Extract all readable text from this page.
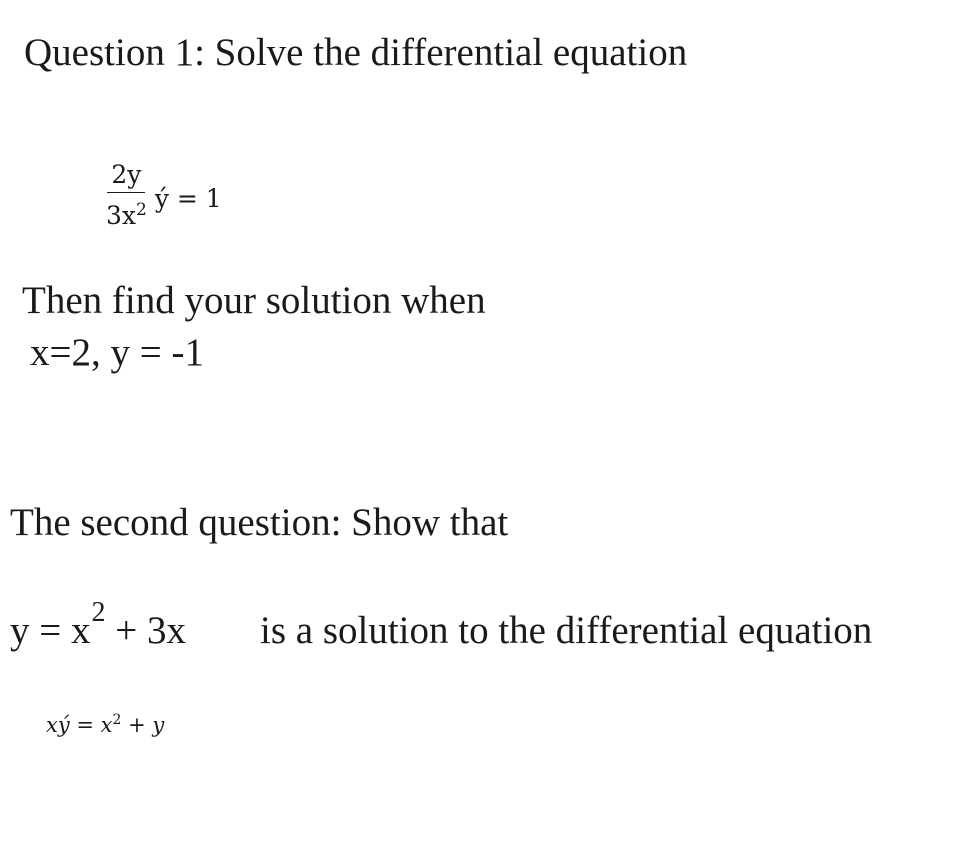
Question 1: Solve the differential equation
$\frac{2y}{3x^2}$ ý = 1
Then find your solution when
x=2, y = -1
The second question: Show that
$y = x^2 + 3x$ is a solution to the differential equation
xý = $x^2 + y$
